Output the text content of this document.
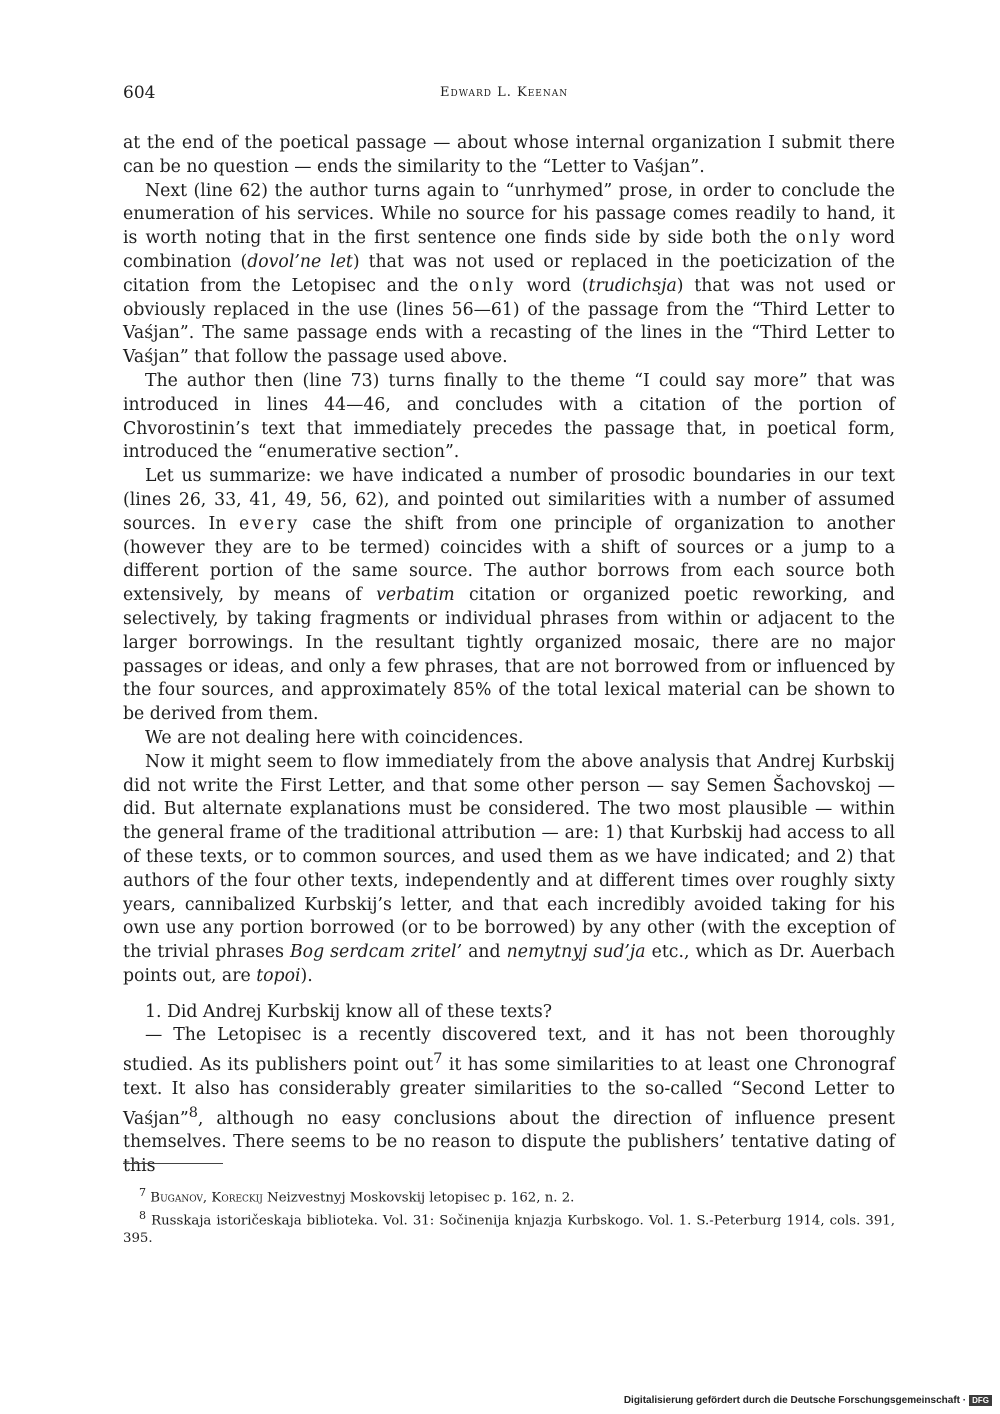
604	Edward L. Keenan

at the end of the poetical passage — about whose internal organization I submit there can be no question — ends the similarity to the “Letter to Vaśjan”.

Next (line 62) the author turns again to “unrhymed” prose, in order to conclude the enumeration of his services. While no source for his passage comes readily to hand, it is worth noting that in the first sentence one finds side by side both the only word combination (dovol’ne let) that was not used or replaced in the poeticization of the citation from the Letopisec and the only word (trudichsja) that was not used or obviously replaced in the use (lines 56—61) of the passage from the “Third Letter to Vaśjan”. The same passage ends with a recasting of the lines in the “Third Letter to Vaśjan” that follow the passage used above.

The author then (line 73) turns finally to the theme “I could say more” that was introduced in lines 44—46, and concludes with a citation of the portion of Chvorostinin’s text that immediately precedes the passage that, in poetical form, introduced the “enumerative section”.

Let us summarize: we have indicated a number of prosodic boundaries in our text (lines 26, 33, 41, 49, 56, 62), and pointed out similarities with a number of assumed sources. In every case the shift from one principle of organization to another (however they are to be termed) coincides with a shift of sources or a jump to a different portion of the same source. The author borrows from each source both extensively, by means of verbatim citation or organized poetic reworking, and selectively, by taking fragments or individual phrases from within or adjacent to the larger borrowings. In the resultant tightly organized mosaic, there are no major passages or ideas, and only a few phrases, that are not borrowed from or influenced by the four sources, and approximately 85% of the total lexical material can be shown to be derived from them.

We are not dealing here with coincidences.

Now it might seem to flow immediately from the above analysis that Andrej Kurbskij did not write the First Letter, and that some other person — say Semen Šachovskoj — did. But alternate explanations must be considered. The two most plausible — within the general frame of the traditional attribution — are: 1) that Kurbskij had access to all of these texts, or to common sources, and used them as we have indicated; and 2) that authors of the four other texts, independently and at different times over roughly sixty years, cannibalized Kurbskij’s letter, and that each incredibly avoided taking for his own use any portion borrowed (or to be borrowed) by any other (with the exception of the trivial phrases Bog serdcam zritel’ and nemytnyj sud’ja etc., which as Dr. Auerbach points out, are topoi).

1. Did Andrej Kurbskij know all of these texts?

— The Letopisec is a recently discovered text, and it has not been thoroughly studied. As its publishers point out$^7$ it has some similarities to at least one Chronograf text. It also has considerably greater similarities to the so-called “Second Letter to Vaśjan”$^8$, although no easy conclusions about the direction of influence present themselves. There seems to be no reason to dispute the publishers’ tentative dating of this

$^7$ Buganov, Koreckij Neizvestnyj Moskovskij letopisec p. 162, n. 2.

$^8$ Russkaja istoričeskaja biblioteka. Vol. 31: Sočinenija knjazja Kurbskogo. Vol. 1. S.-Peterburg 1914, cols. 391, 395.

Digitalisierung gefördert durch die Deutsche Forschungsgemeinschaft · DFG
